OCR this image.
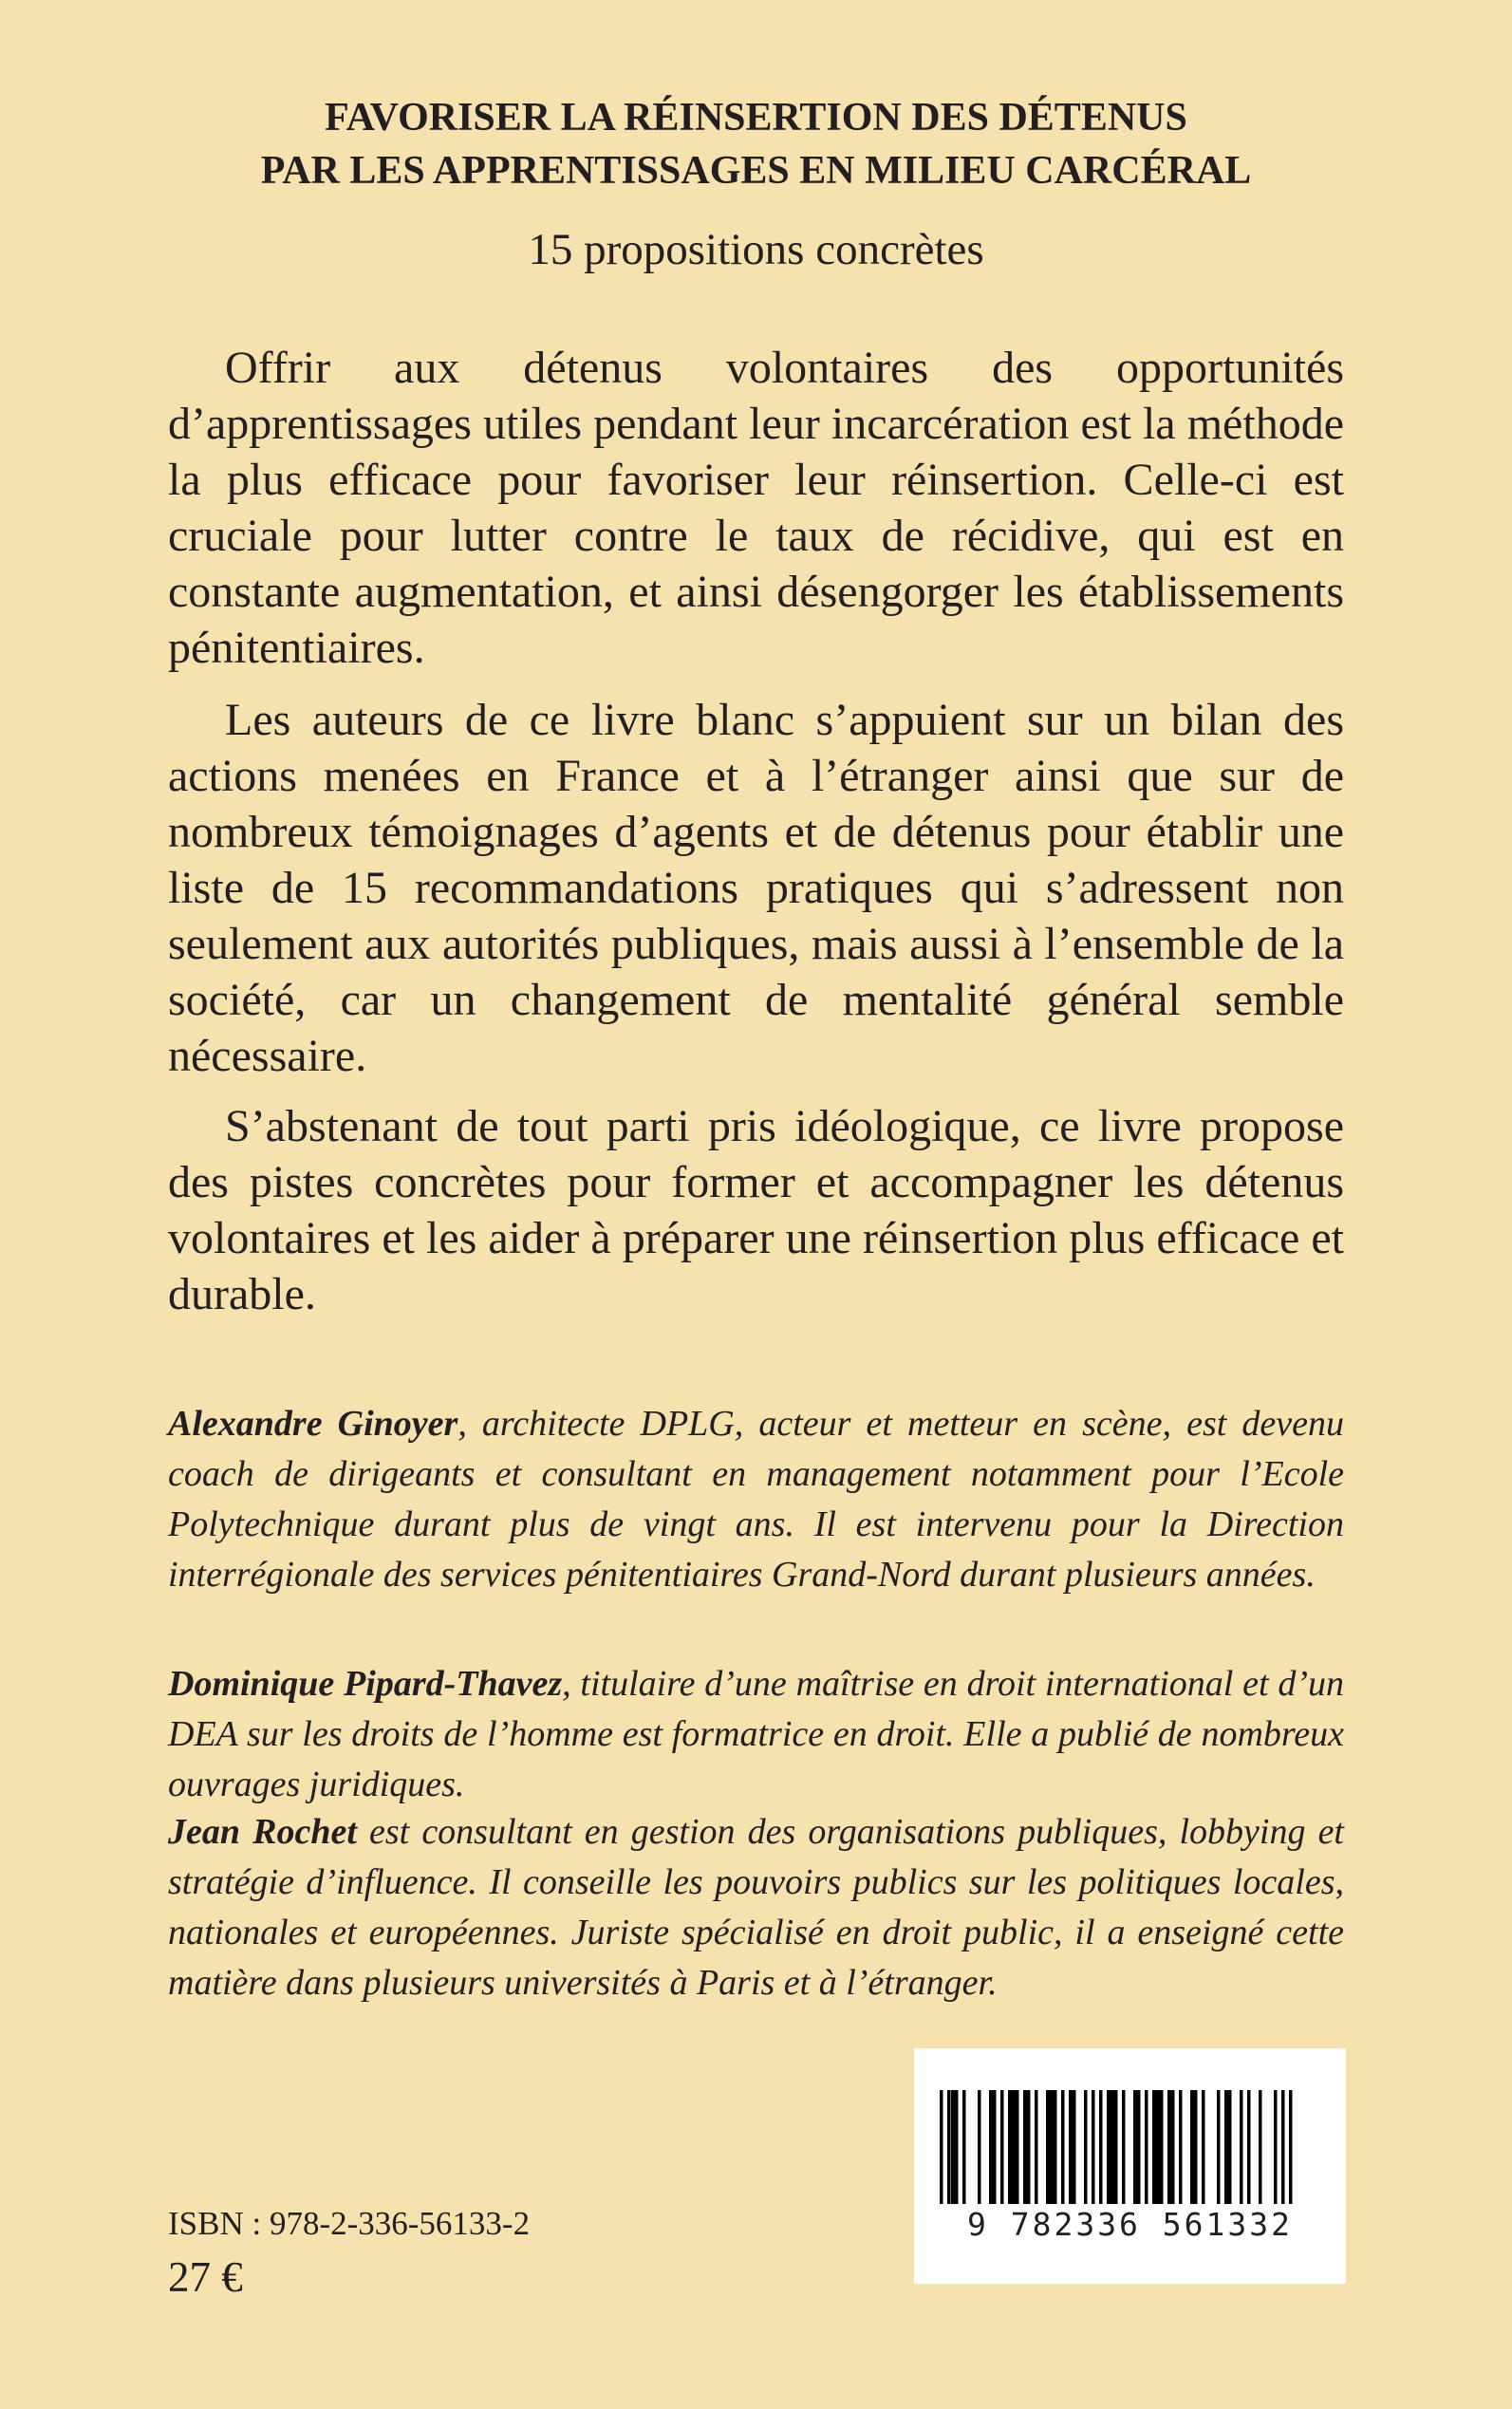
FAVORISER LA RÉINSERTION DES DÉTENUS
PAR LES APPRENTISSAGES EN MILIEU CARCÉRAL
15 propositions concrètes

Offrir aux détenus volontaires des opportunités d’apprentissages utiles pendant leur incarcération est la méthode la plus efficace pour favoriser leur réinsertion. Celle-ci est cruciale pour lutter contre le taux de récidive, qui est en constante augmentation, et ainsi désengorger les établissements pénitentiaires.

Les auteurs de ce livre blanc s’appuient sur un bilan des actions menées en France et à l’étranger ainsi que sur de nombreux témoignages d’agents et de détenus pour établir une liste de 15 recommandations pratiques qui s’adressent non seulement aux autorités publiques, mais aussi à l’ensemble de la société, car un changement de mentalité général semble nécessaire.

S’abstenant de tout parti pris idéologique, ce livre propose des pistes concrètes pour former et accompagner les détenus volontaires et les aider à préparer une réinsertion plus efficace et durable.

Alexandre Ginoyer, architecte DPLG, acteur et metteur en scène, est devenu coach de dirigeants et consultant en management notamment pour l’Ecole Polytechnique durant plus de vingt ans. Il est intervenu pour la Direction interrégionale des services pénitentiaires Grand-Nord durant plusieurs années.

Dominique Pipard-Thavez, titulaire d’une maîtrise en droit international et d’un DEA sur les droits de l’homme est formatrice en droit. Elle a publié de nombreux ouvrages juridiques.

Jean Rochet est consultant en gestion des organisations publiques, lobbying et stratégie d’influence. Il conseille les pouvoirs publics sur les politiques locales, nationales et européennes. Juriste spécialisé en droit public, il a enseigné cette matière dans plusieurs universités à Paris et à l’étranger.

9 782336 561332
ISBN : 978-2-336-56133-2
27 €
